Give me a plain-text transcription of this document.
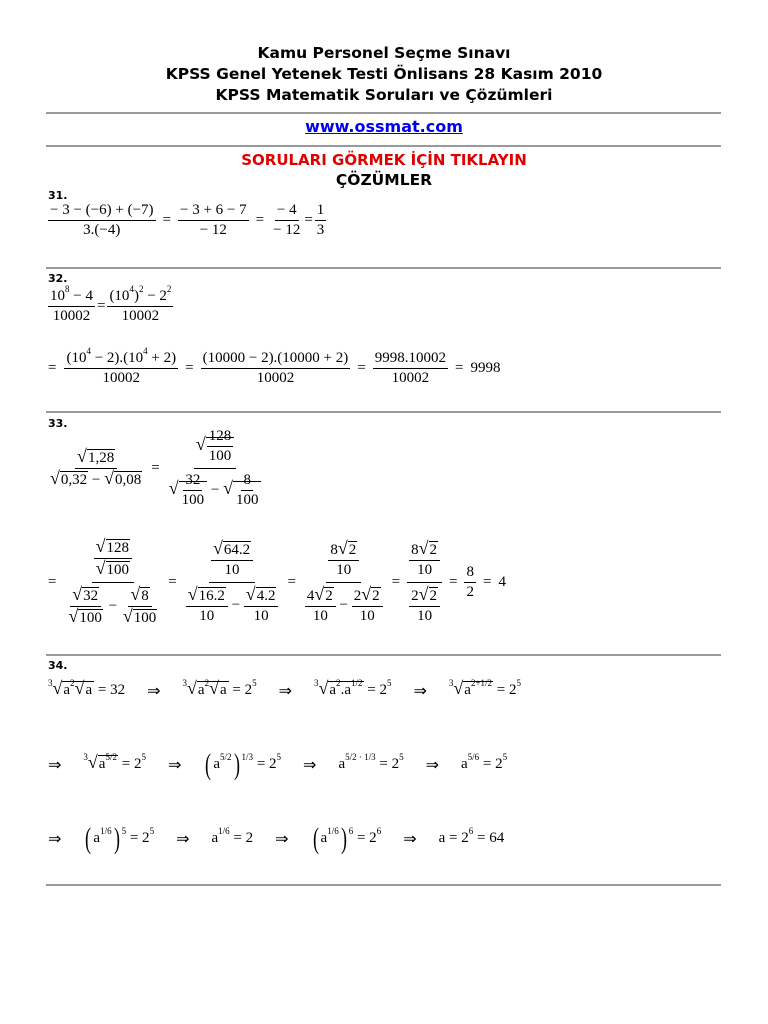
Kamu Personel Seçme Sınavı
KPSS Genel Yetenek Testi Önlisans 28 Kasım 2010
KPSS Matematik Soruları ve Çözümleri
www.ossmat.com
SORULARI GÖRMEK İÇİN TIKLAYIN
ÇÖZÜMLER
31.
$\frac{- 3 - (-6) + (-7)}{3.(-4)} = \frac{- 3 + 6 - 7}{- 12} = \frac{- 4}{- 12} = \frac{1}{3}$
32.
$\frac{10^8 - 4}{10002} = \frac{(10^4)^2 - 2^2}{10002}$
= $\frac{(10^4 - 2).(10^4 + 2)}{10002} = \frac{(10000 - 2).(10000 + 2)}{10002} = \frac{9998.10002}{10002} = 9998$
33.
$\frac{√1,28}{√0,32 - √0,08} = \frac{√ \frac{128}{100}}{√ \frac{32}{100} - √ \frac{8}{100}}$
= $\frac{\frac{√128}{√100}}{\frac{√32}{√100} - \frac{√8}{√100}} = \frac{\frac{√64.2}{10}}{\frac{√16.2}{10} - \frac{√4.2}{10}} = \frac{\frac{8√2}{10}}{\frac{4√2}{10} - \frac{2√2}{10}} = \frac{\frac{8√2}{10}}{\frac{2√2}{10}} = \frac{8}{2} = 4$
34.
$^3√a^2√a = 32$ ⇒ $^3√a^2√a = 2^5$ ⇒ $^3√a^2.a^{1/2} = 2^5$ ⇒ $^3√a^{2+1/2} = 2^5$
⇒ $^3√a^{5/2} = 2^5$ ⇒ ( $a^{5/2}$) $^{1/3} = 2^5$ ⇒ $a^{5/2 \cdot 1/3} = 2^5$ ⇒ $a^{5/6} = 2^5$
⇒ ( $a^{1/6}$) $^5 = 2^5$ ⇒ $a^{1/6} = 2$ ⇒ ( $a^{1/6}$) $^6 = 2^6$ ⇒ $a = 2^6 = 64$
